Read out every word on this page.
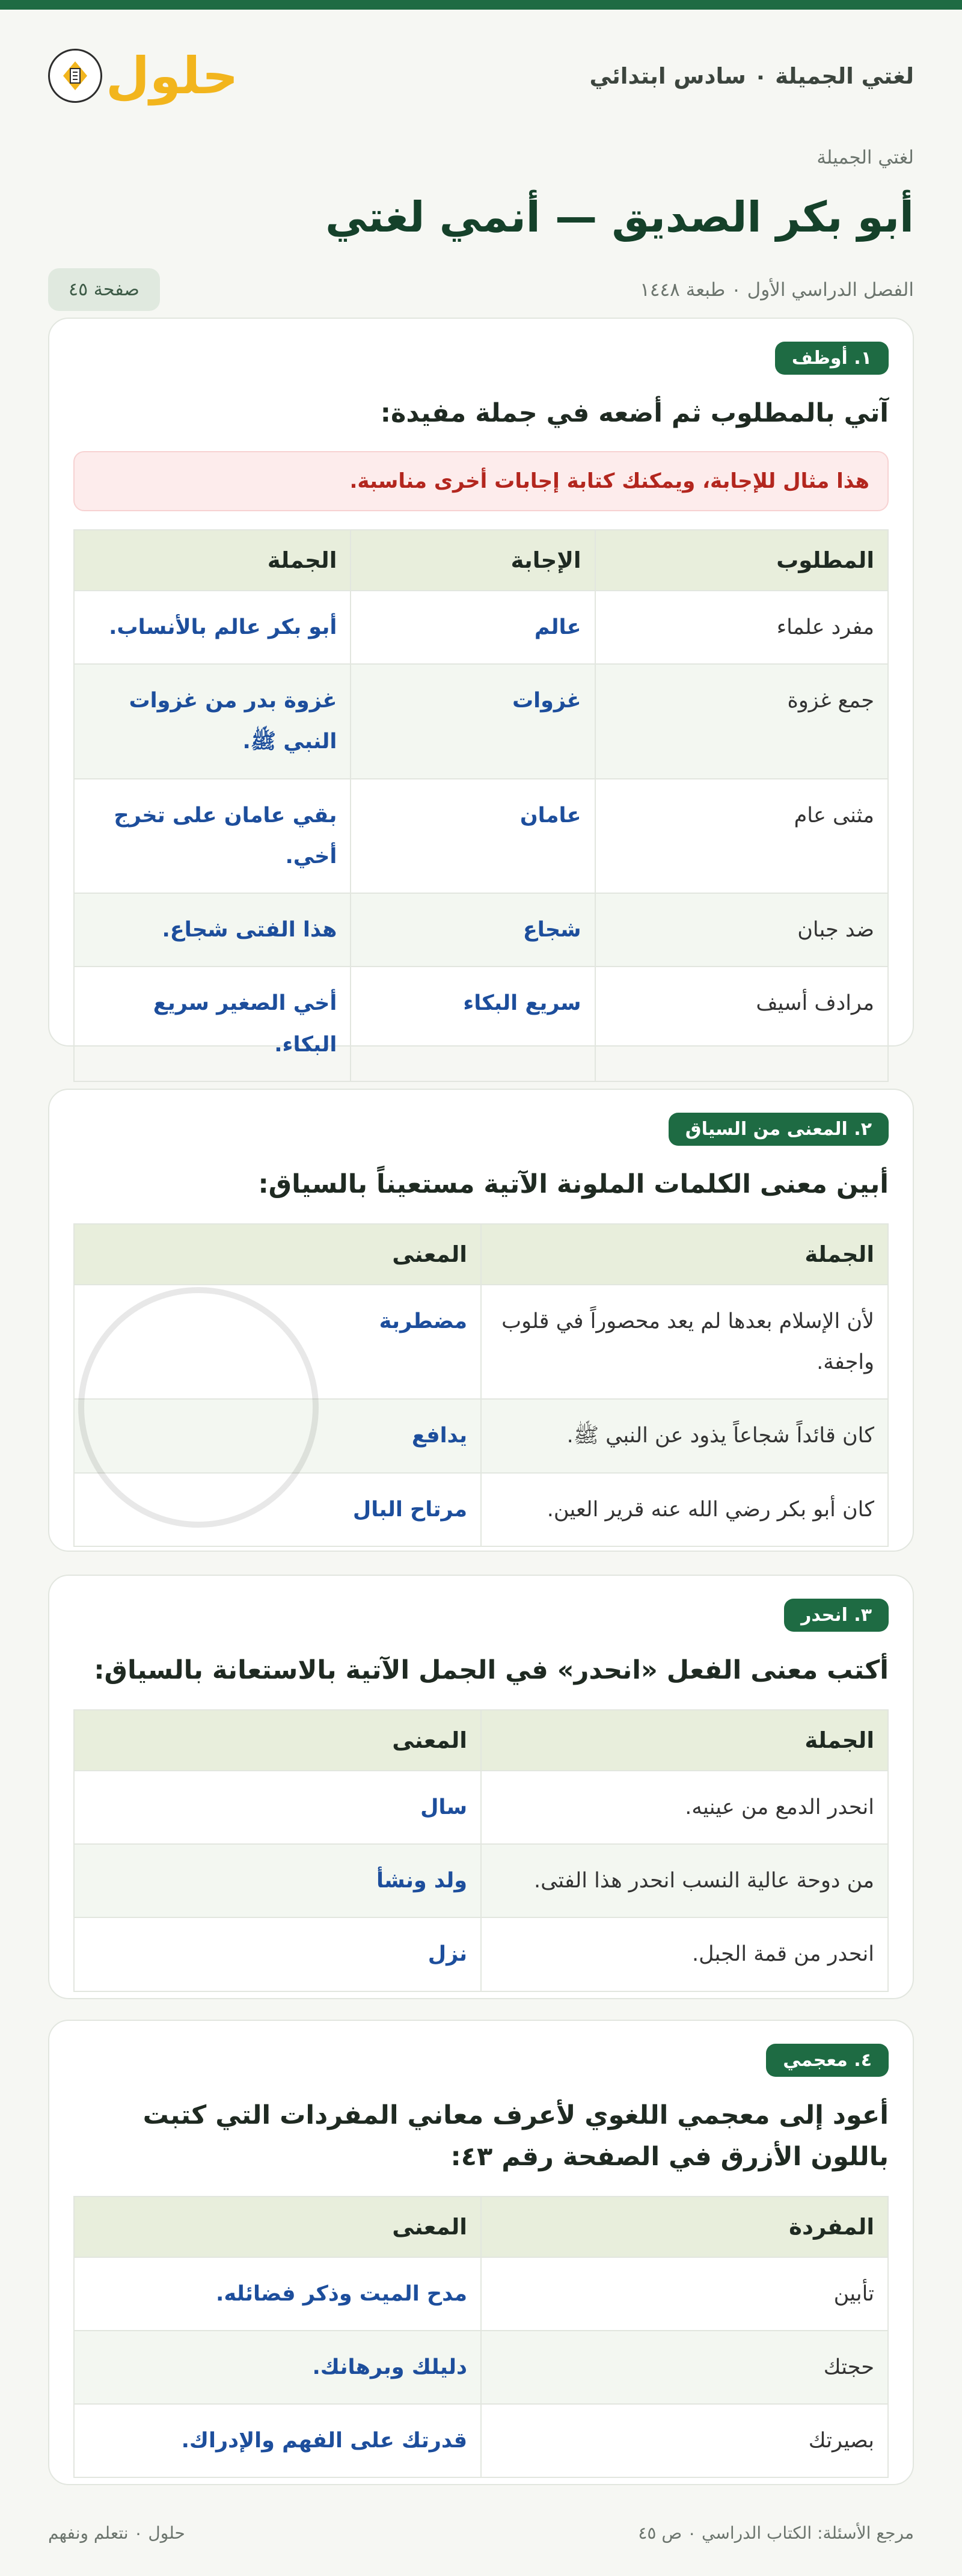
لغتي الجميلة ٠ سادس ابتدائي
حلول
لغتي الجميلة
أبو بكر الصديق — أنمي لغتي
الفصل الدراسي الأول ٠ طبعة ١٤٤٨
صفحة ٤٥
١. أوظف
آتي بالمطلوب ثم أضعه في جملة مفيدة:
هذا مثال للإجابة، ويمكنك كتابة إجابات أخرى مناسبة.
المطلوب	الإجابة	الجملة
مفرد علماء	عالم	أبو بكر عالم بالأنساب.
جمع غزوة	غزوات	غزوة بدر من غزوات النبي ﷺ.
مثنى عام	عامان	بقي عامان على تخرج أخي.
ضد جبان	شجاع	هذا الفتى شجاع.
مرادف أسيف	سريع البكاء	أخي الصغير سريع البكاء.
٢. المعنى من السياق
أبين معنى الكلمات الملونة الآتية مستعيناً بالسياق:
الجملة	المعنى
لأن الإسلام بعدها لم يعد محصوراً في قلوب واجفة.	مضطربة
كان قائداً شجاعاً يذود عن النبي ﷺ.	يدافع
كان أبو بكر رضي الله عنه قرير العين.	مرتاح البال
٣. انحدر
أكتب معنى الفعل «انحدر» في الجمل الآتية بالاستعانة بالسياق:
الجملة	المعنى
انحدر الدمع من عينيه.	سال
من دوحة عالية النسب انحدر هذا الفتى.	ولد ونشأ
انحدر من قمة الجبل.	نزل
٤. معجمي
أعود إلى معجمي اللغوي لأعرف معاني المفردات التي كتبت باللون الأزرق في الصفحة رقم ٤٣:
المفردة	المعنى
تأبين	مدح الميت وذكر فضائله.
حجتك	دليلك وبرهانك.
بصيرتك	قدرتك على الفهم والإدراك.
مرجع الأسئلة: الكتاب الدراسي ٠ ص ٤٥
حلول ٠ نتعلم ونفهم
